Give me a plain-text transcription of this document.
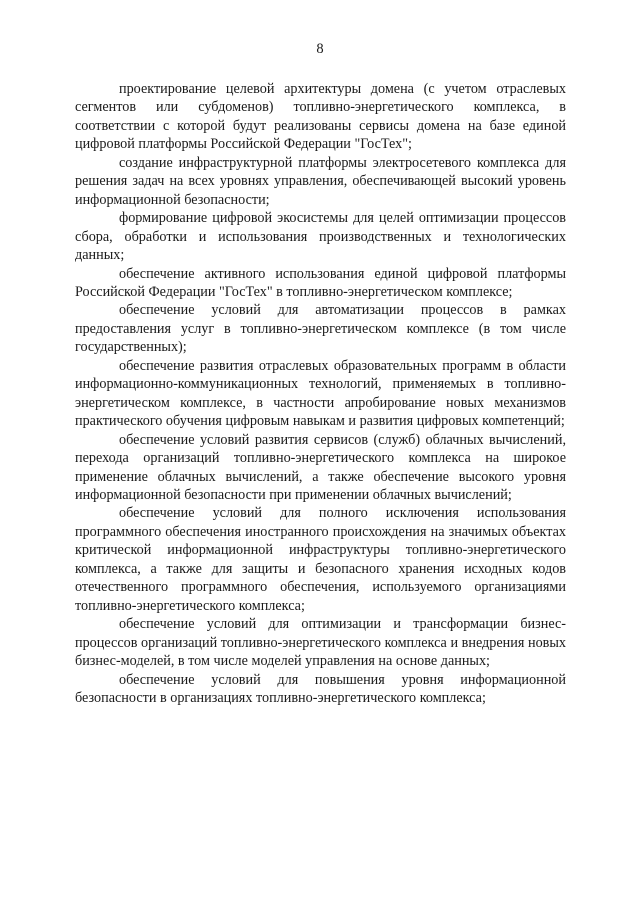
8

проектирование целевой архитектуры домена (с учетом отраслевых сегментов или субдоменов) топливно-энергетического комплекса, в соответствии с которой будут реализованы сервисы домена на базе единой цифровой платформы Российской Федерации "ГосТех";

создание инфраструктурной платформы электросетевого комплекса для решения задач на всех уровнях управления, обеспечивающей высокий уровень информационной безопасности;

формирование цифровой экосистемы для целей оптимизации процессов сбора, обработки и использования производственных и технологических данных;

обеспечение активного использования единой цифровой платформы Российской Федерации "ГосТех" в топливно-энергетическом комплексе;

обеспечение условий для автоматизации процессов в рамках предоставления услуг в топливно-энергетическом комплексе (в том числе государственных);

обеспечение развития отраслевых образовательных программ в области информационно-коммуникационных технологий, применяемых в топливно-энергетическом комплексе, в частности апробирование новых механизмов практического обучения цифровым навыкам и развития цифровых компетенций;

обеспечение условий развития сервисов (служб) облачных вычислений, перехода организаций топливно-энергетического комплекса на широкое применение облачных вычислений, а также обеспечение высокого уровня информационной безопасности при применении облачных вычислений;

обеспечение условий для полного исключения использования программного обеспечения иностранного происхождения на значимых объектах критической информационной инфраструктуры топливно-энергетического комплекса, а также для защиты и безопасного хранения исходных кодов отечественного программного обеспечения, используемого организациями топливно-энергетического комплекса;

обеспечение условий для оптимизации и трансформации бизнес-процессов организаций топливно-энергетического комплекса и внедрения новых бизнес-моделей, в том числе моделей управления на основе данных;

обеспечение условий для повышения уровня информационной безопасности в организациях топливно-энергетического комплекса;
